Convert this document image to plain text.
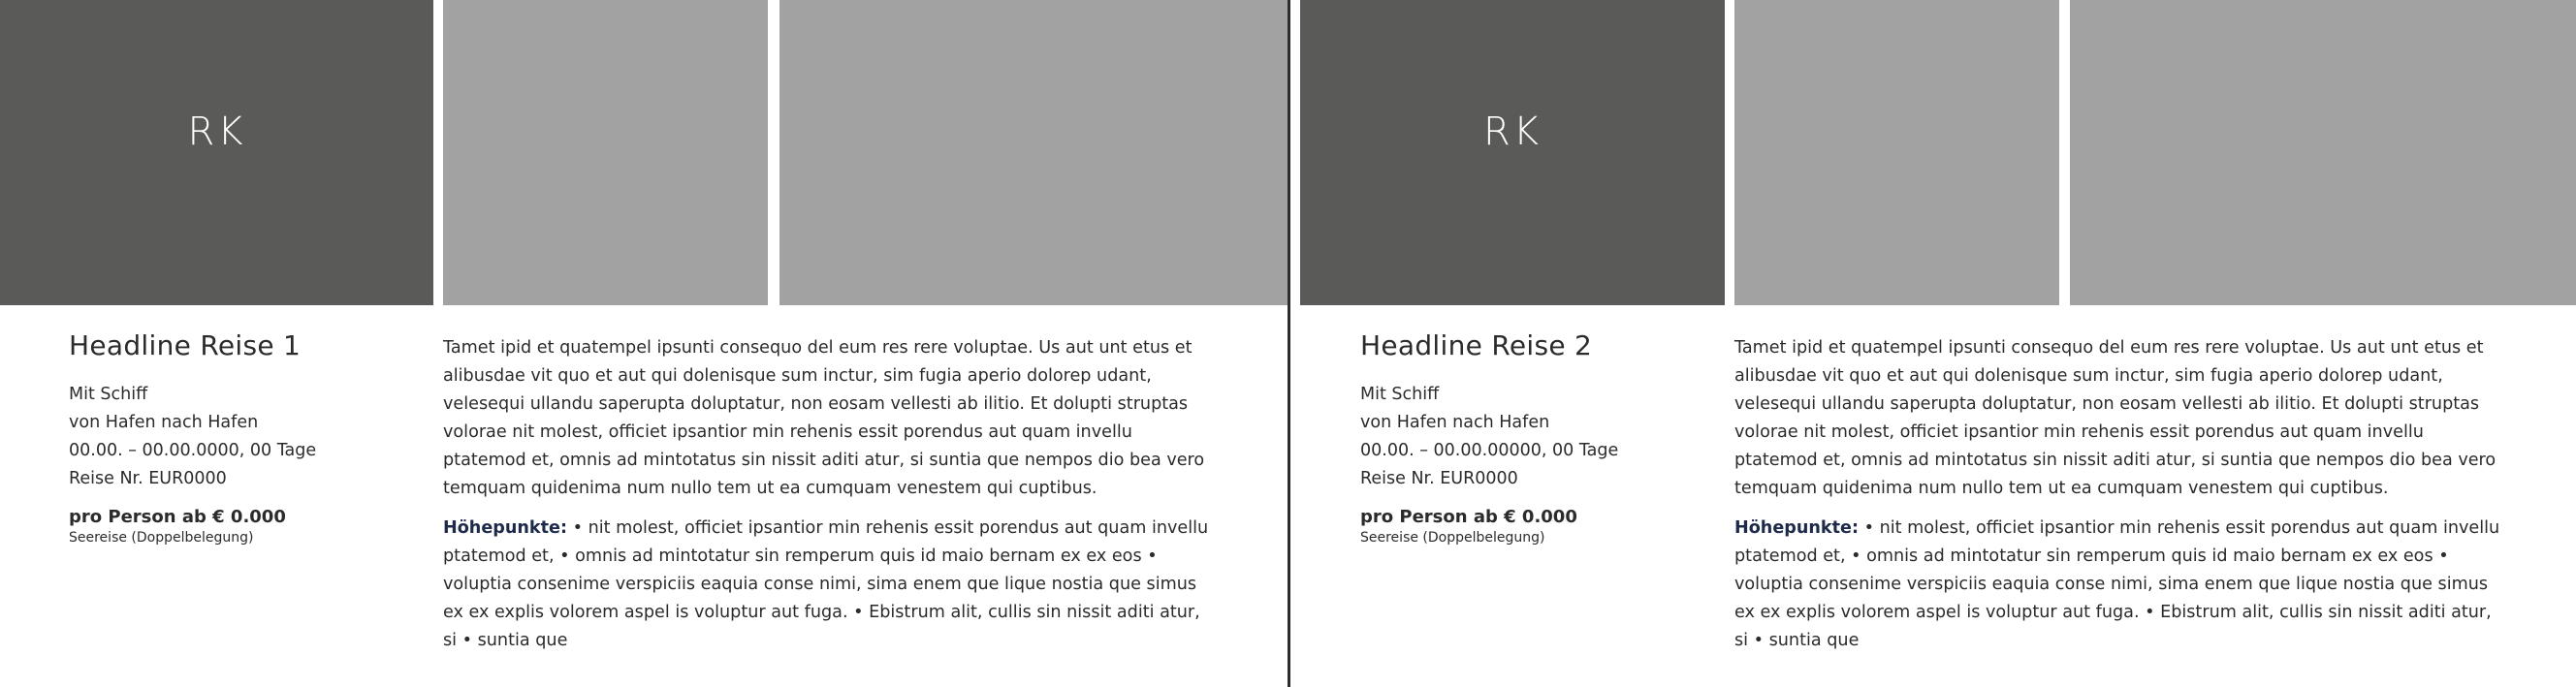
RK
Headline Reise 1
Mit Schiff
von Hafen nach Hafen
00.00. – 00.00.0000, 00 Tage
Reise Nr. EUR0000
pro Person ab € 0.000
Seereise (Doppelbelegung)

Tamet ipid et quatempel ipsunti consequo del eum res rere voluptae. Us aut unt etus et alibusdae vit quo et aut qui dolenisque sum inctur, sim fugia aperio dolorep udant, velesequi ullandu saperupta doluptatur, non eosam vellesti ab ilitio. Et dolupti struptas volorae nit molest, officiet ipsantior min rehenis essit porendus aut quam invellu ptatemod et, omnis ad mintotatus sin nissit aditi atur, si suntia que nempos dio bea vero temquam quidenima num nullo tem ut ea cumquam venestem qui cuptibus.

Höhepunkte: • nit molest, officiet ipsantior min rehenis essit porendus aut quam invellu ptatemod et, • omnis ad mintotatur sin remperum quis id maio bernam ex ex eos • voluptia consenime verspiciis eaquia conse nimi, sima enem que lique nostia que simus ex ex explis volorem aspel is voluptur aut fuga. • Ebistrum alit, cullis sin nissit aditi atur, si • suntia que

RK
Headline Reise 2
Mit Schiff
von Hafen nach Hafen
00.00. – 00.00.00000, 00 Tage
Reise Nr. EUR0000
pro Person ab € 0.000
Seereise (Doppelbelegung)

Tamet ipid et quatempel ipsunti consequo del eum res rere voluptae. Us aut unt etus et alibusdae vit quo et aut qui dolenisque sum inctur, sim fugia aperio dolorep udant, velesequi ullandu saperupta doluptatur, non eosam vellesti ab ilitio. Et dolupti struptas volorae nit molest, officiet ipsantior min rehenis essit porendus aut quam invellu ptatemod et, omnis ad mintotatus sin nissit aditi atur, si suntia que nempos dio bea vero temquam quidenima num nullo tem ut ea cumquam venestem qui cuptibus.

Höhepunkte: • nit molest, officiet ipsantior min rehenis essit porendus aut quam invellu ptatemod et, • omnis ad mintotatur sin remperum quis id maio bernam ex ex eos • voluptia consenime verspiciis eaquia conse nimi, sima enem que lique nostia que simus ex ex explis volorem aspel is voluptur aut fuga. • Ebistrum alit, cullis sin nissit aditi atur, si • suntia que
